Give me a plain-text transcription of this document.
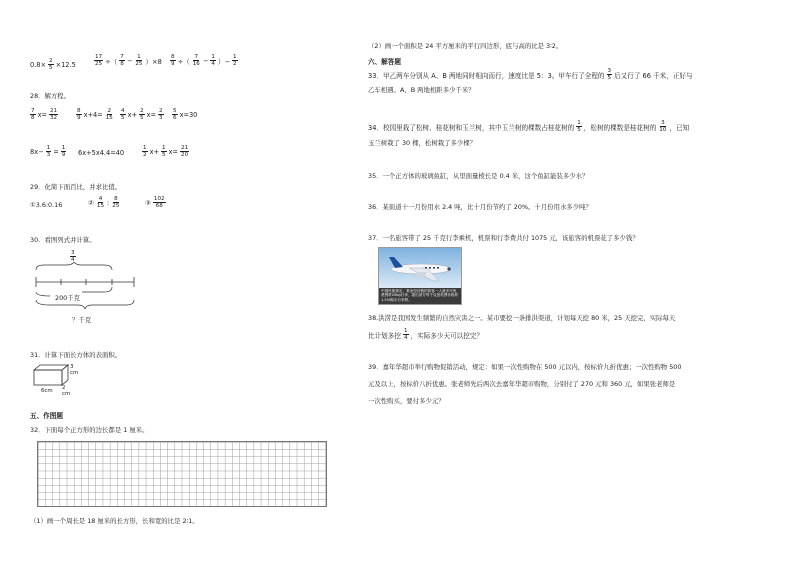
$0.8\times \frac{2}{5} \times 12.5$	$\frac{17}{25}$ ÷（ $\frac{7}{8} - \frac{1}{25} )\times 8 \frac{8}{9}$ ÷（ $\frac{7}{16} - \frac{1}{4}$ ）− $\frac{1}{2}$
28．解方程。
$\frac{7}{8} x= \frac{21}{32}$	$\frac{8}{9} x+4= \frac{2}{15} \frac{4}{5} x+ \frac{2}{5} x= \frac{2}{3} \frac{5}{6} x=30$
$8x- \frac{1}{3} = \frac{1}{9} 6x+5x4.4=40$	$\frac{1}{2} x+ \frac{1}{5} x= \frac{21}{20}$
29．化简下面百比，并求比值。
①3.6:0.16	② $\frac{4}{15}$ : $\frac{8}{25}$	③ $\frac{102}{68}$
30．看图列式并计算。
$\frac{3}{4}$
200千克
？千克
31．计算下面长方体的表面积。
3
cm
6cm 2
cm
五、作图题
32．下面每个正方形的边长都是 1 厘米。
（1）画一个周长是 18 厘米的长方形，长和宽的比是 2∶1。
（2）画一个面积是 24 平方厘米的平行四边形，底与高的比是 3∶2。
六、解答题
33．甲乙两车分别从 A、B 两地同时相向而行，速度比是 5：3。甲车行了全程的 $\frac{3}{5}$ 后又行了 66 千米，正好与
乙车相遇。A、B 两地相距多少千米？
34．校园里栽了松树、桂花树和玉兰树，其中玉兰树的棵数占桂花树的 $\frac{1}{5}$ ，松树的棵数是桂花树的 $\frac{3}{10}$ ，已知
玉兰树栽了 30 棵，松树栽了多少棵？
35．一个正方体的玻璃鱼缸，从里面量棱长是 0.4 米，这个鱼缸能装多少水？
36．某街道十一月份用水 2.4 吨，比十月份节约了 20%。十月份用水多少吨？
37．一名旅客带了 25 千克行李乘机，机票和行李费共付 1075 元，该旅客的机票花了多少钱？
中国民航规定，乘坐经济舱的旅客一人最多可免费携带20kg行李，超出部分每千克按机票价格的1.5%购买行李票。
38.洪涝是我国发生频繁的自然灾害之一。某市要挖一条排洪渠道，计划每天挖 80 米，25 天挖完，实际每天
比计划多挖 $\frac{1}{4}$ ，实际多少天可以挖完？
39．嘉年华超市举行购物促销活动，规定：如果一次性购物在 500 元以内，按标价九折优惠；一次性购物 500
元及以上，按标价八折优惠。张老师先后两次去嘉年华超市购物，分别付了 270 元和 360 元，如果张老师是
一次性购买，要付多少元？
